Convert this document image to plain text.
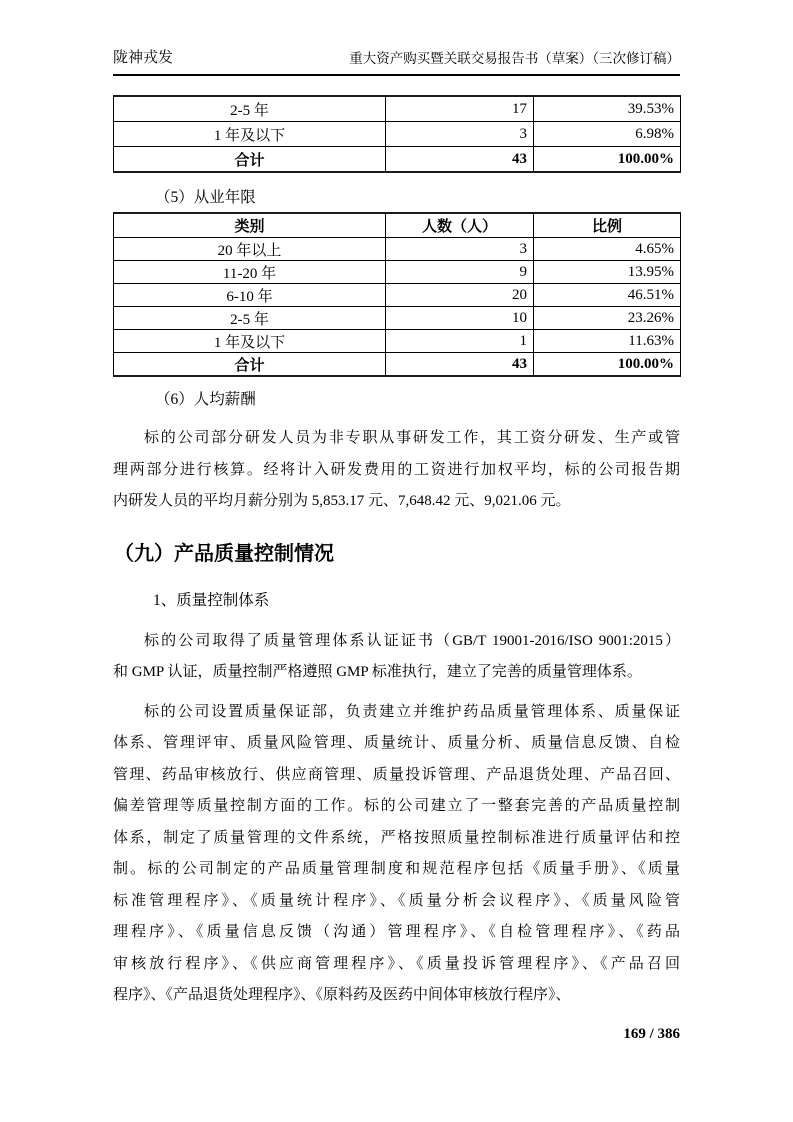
陇神戎发	重大资产购买暨关联交易报告书（草案）（三次修订稿）
2-5 年	17	39.53%
1 年及以下	3	6.98%
合计	43	100.00%
（5）从业年限
类别	人数（人）	比例
20 年以上	3	4.65%
11-20 年	9	13.95%
6-10 年	20	46.51%
2-5 年	10	23.26%
1 年及以下	1	11.63%
合计	43	100.00%
（6）人均薪酬
标的公司部分研发人员为非专职从事研发工作，其工资分研发、生产或管
理两部分进行核算。经将计入研发费用的工资进行加权平均，标的公司报告期
内研发人员的平均月薪分别为 5,853.17 元、7,648.42 元、9,021.06 元。
（九）产品质量控制情况
1、质量控制体系
标的公司取得了质量管理体系认证证书（GB/T 19001-2016/ISO 9001:2015）
和 GMP 认证，质量控制严格遵照 GMP 标准执行，建立了完善的质量管理体系。
标的公司设置质量保证部，负责建立并维护药品质量管理体系、质量保证
体系、管理评审、质量风险管理、质量统计、质量分析、质量信息反馈、自检
管理、药品审核放行、供应商管理、质量投诉管理、产品退货处理、产品召回、
偏差管理等质量控制方面的工作。标的公司建立了一整套完善的产品质量控制
体系，制定了质量管理的文件系统，严格按照质量控制标准进行质量评估和控
制。标的公司制定的产品质量管理制度和规范程序包括《质量手册》、《质量
标准管理程序》、《质量统计程序》、《质量分析会议程序》、《质量风险管
理程序》、《质量信息反馈（沟通）管理程序》、《自检管理程序》、《药品
审核放行程序》、《供应商管理程序》、《质量投诉管理程序》、《产品召回
程序》、《产品退货处理程序》、《原料药及医药中间体审核放行程序》、
169 / 386
